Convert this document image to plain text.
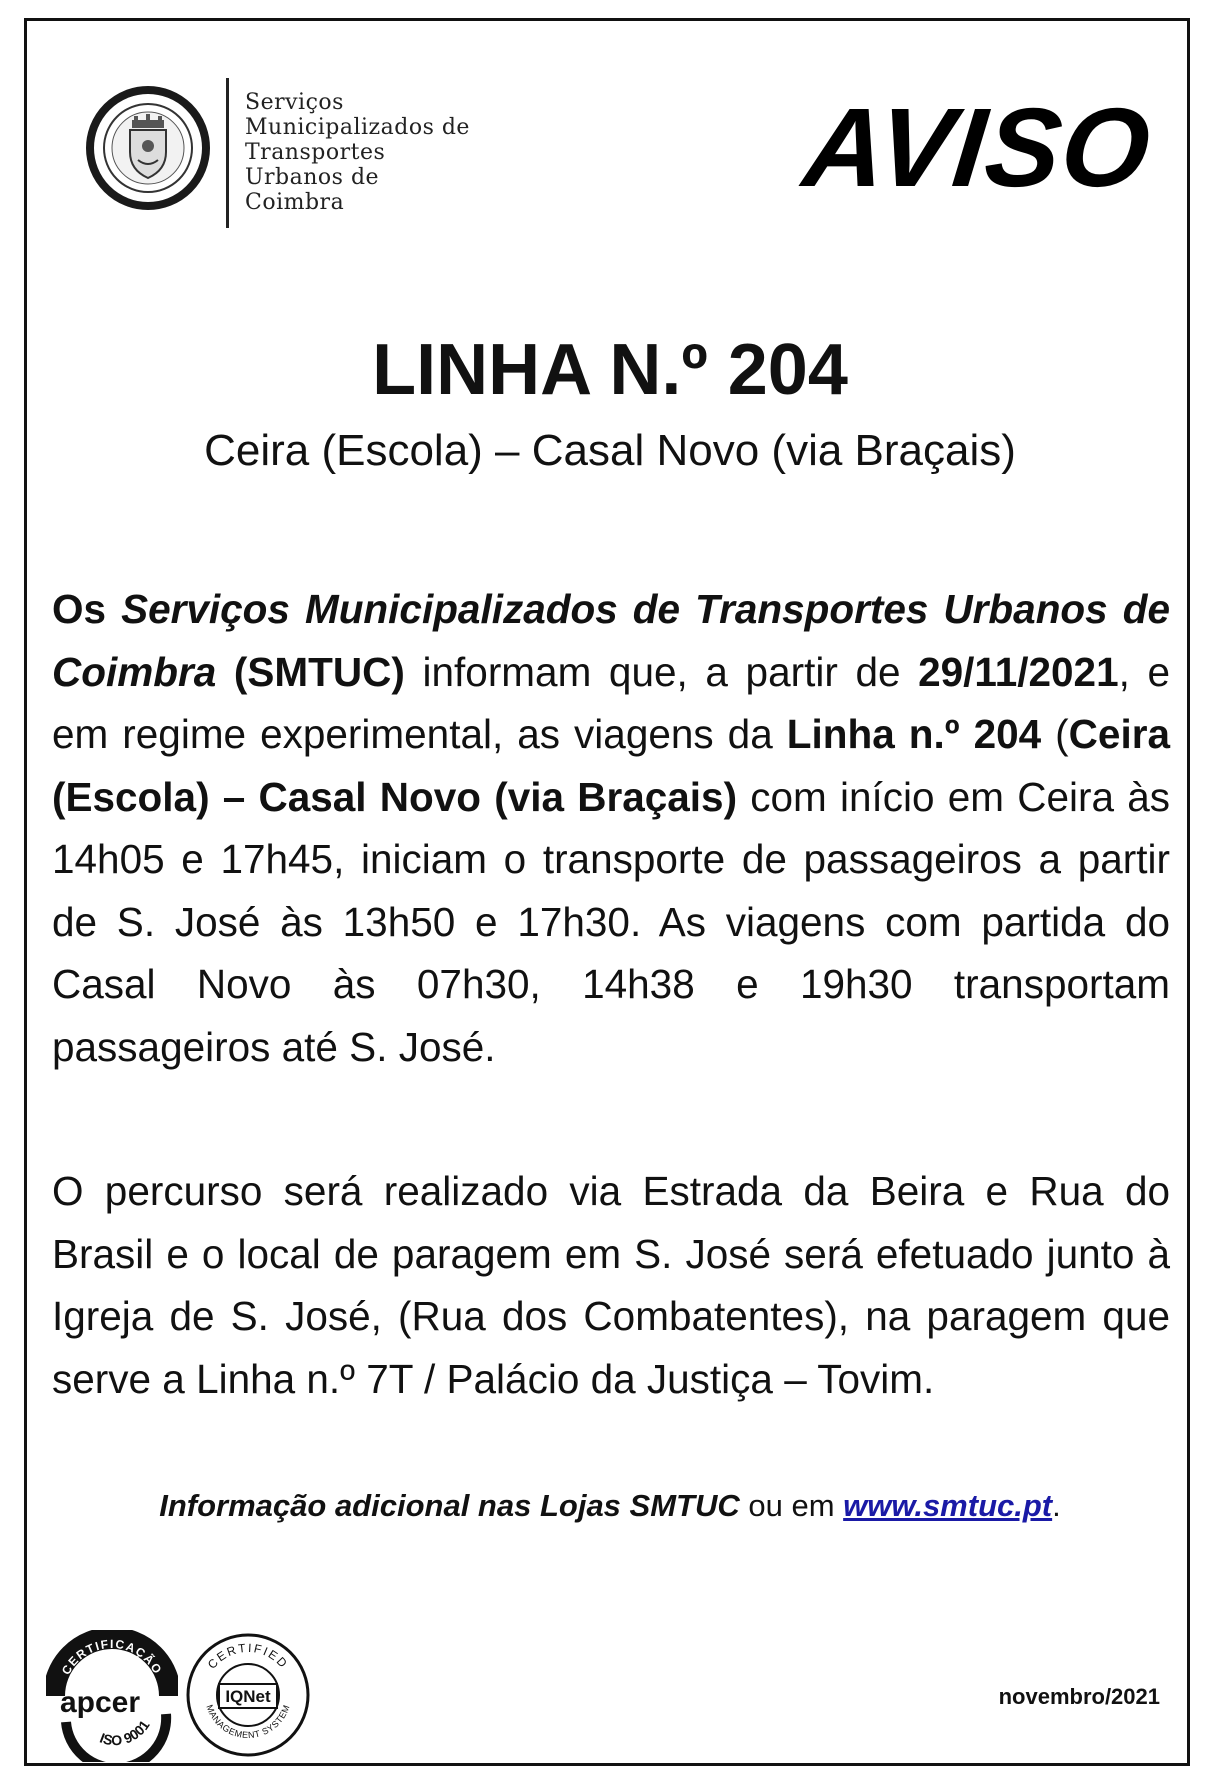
Serviços
Municipalizados de
Transportes
Urbanos de
Coimbra	AVISO
LINHA N.º 204
Ceira (Escola) – Casal Novo (via Braçais)
Os Serviços Municipalizados de Transportes Urbanos de Coimbra (SMTUC) informam que, a partir de 29/11/2021, e em regime experimental, as viagens da Linha n.º 204 (Ceira (Escola) – Casal Novo (via Braçais) com início em Ceira às 14h05 e 17h45, iniciam o transporte de passageiros a partir de S. José às 13h50 e 17h30. As viagens com partida do Casal Novo às 07h30, 14h38 e 19h30 transportam passageiros até S. José.
O percurso será realizado via Estrada da Beira e Rua do Brasil e o local de paragem em S. José será efetuado junto à Igreja de S. José, (Rua dos Combatentes), na paragem que serve a Linha n.º 7T / Palácio da Justiça – Tovim.
Informação adicional nas Lojas SMTUC ou em www.smtuc.pt.
CERTIFICAÇÃO
apcer
ISO 9001
CERTIFIED
IQNet
MANAGEMENT SYSTEM	novembro/2021
